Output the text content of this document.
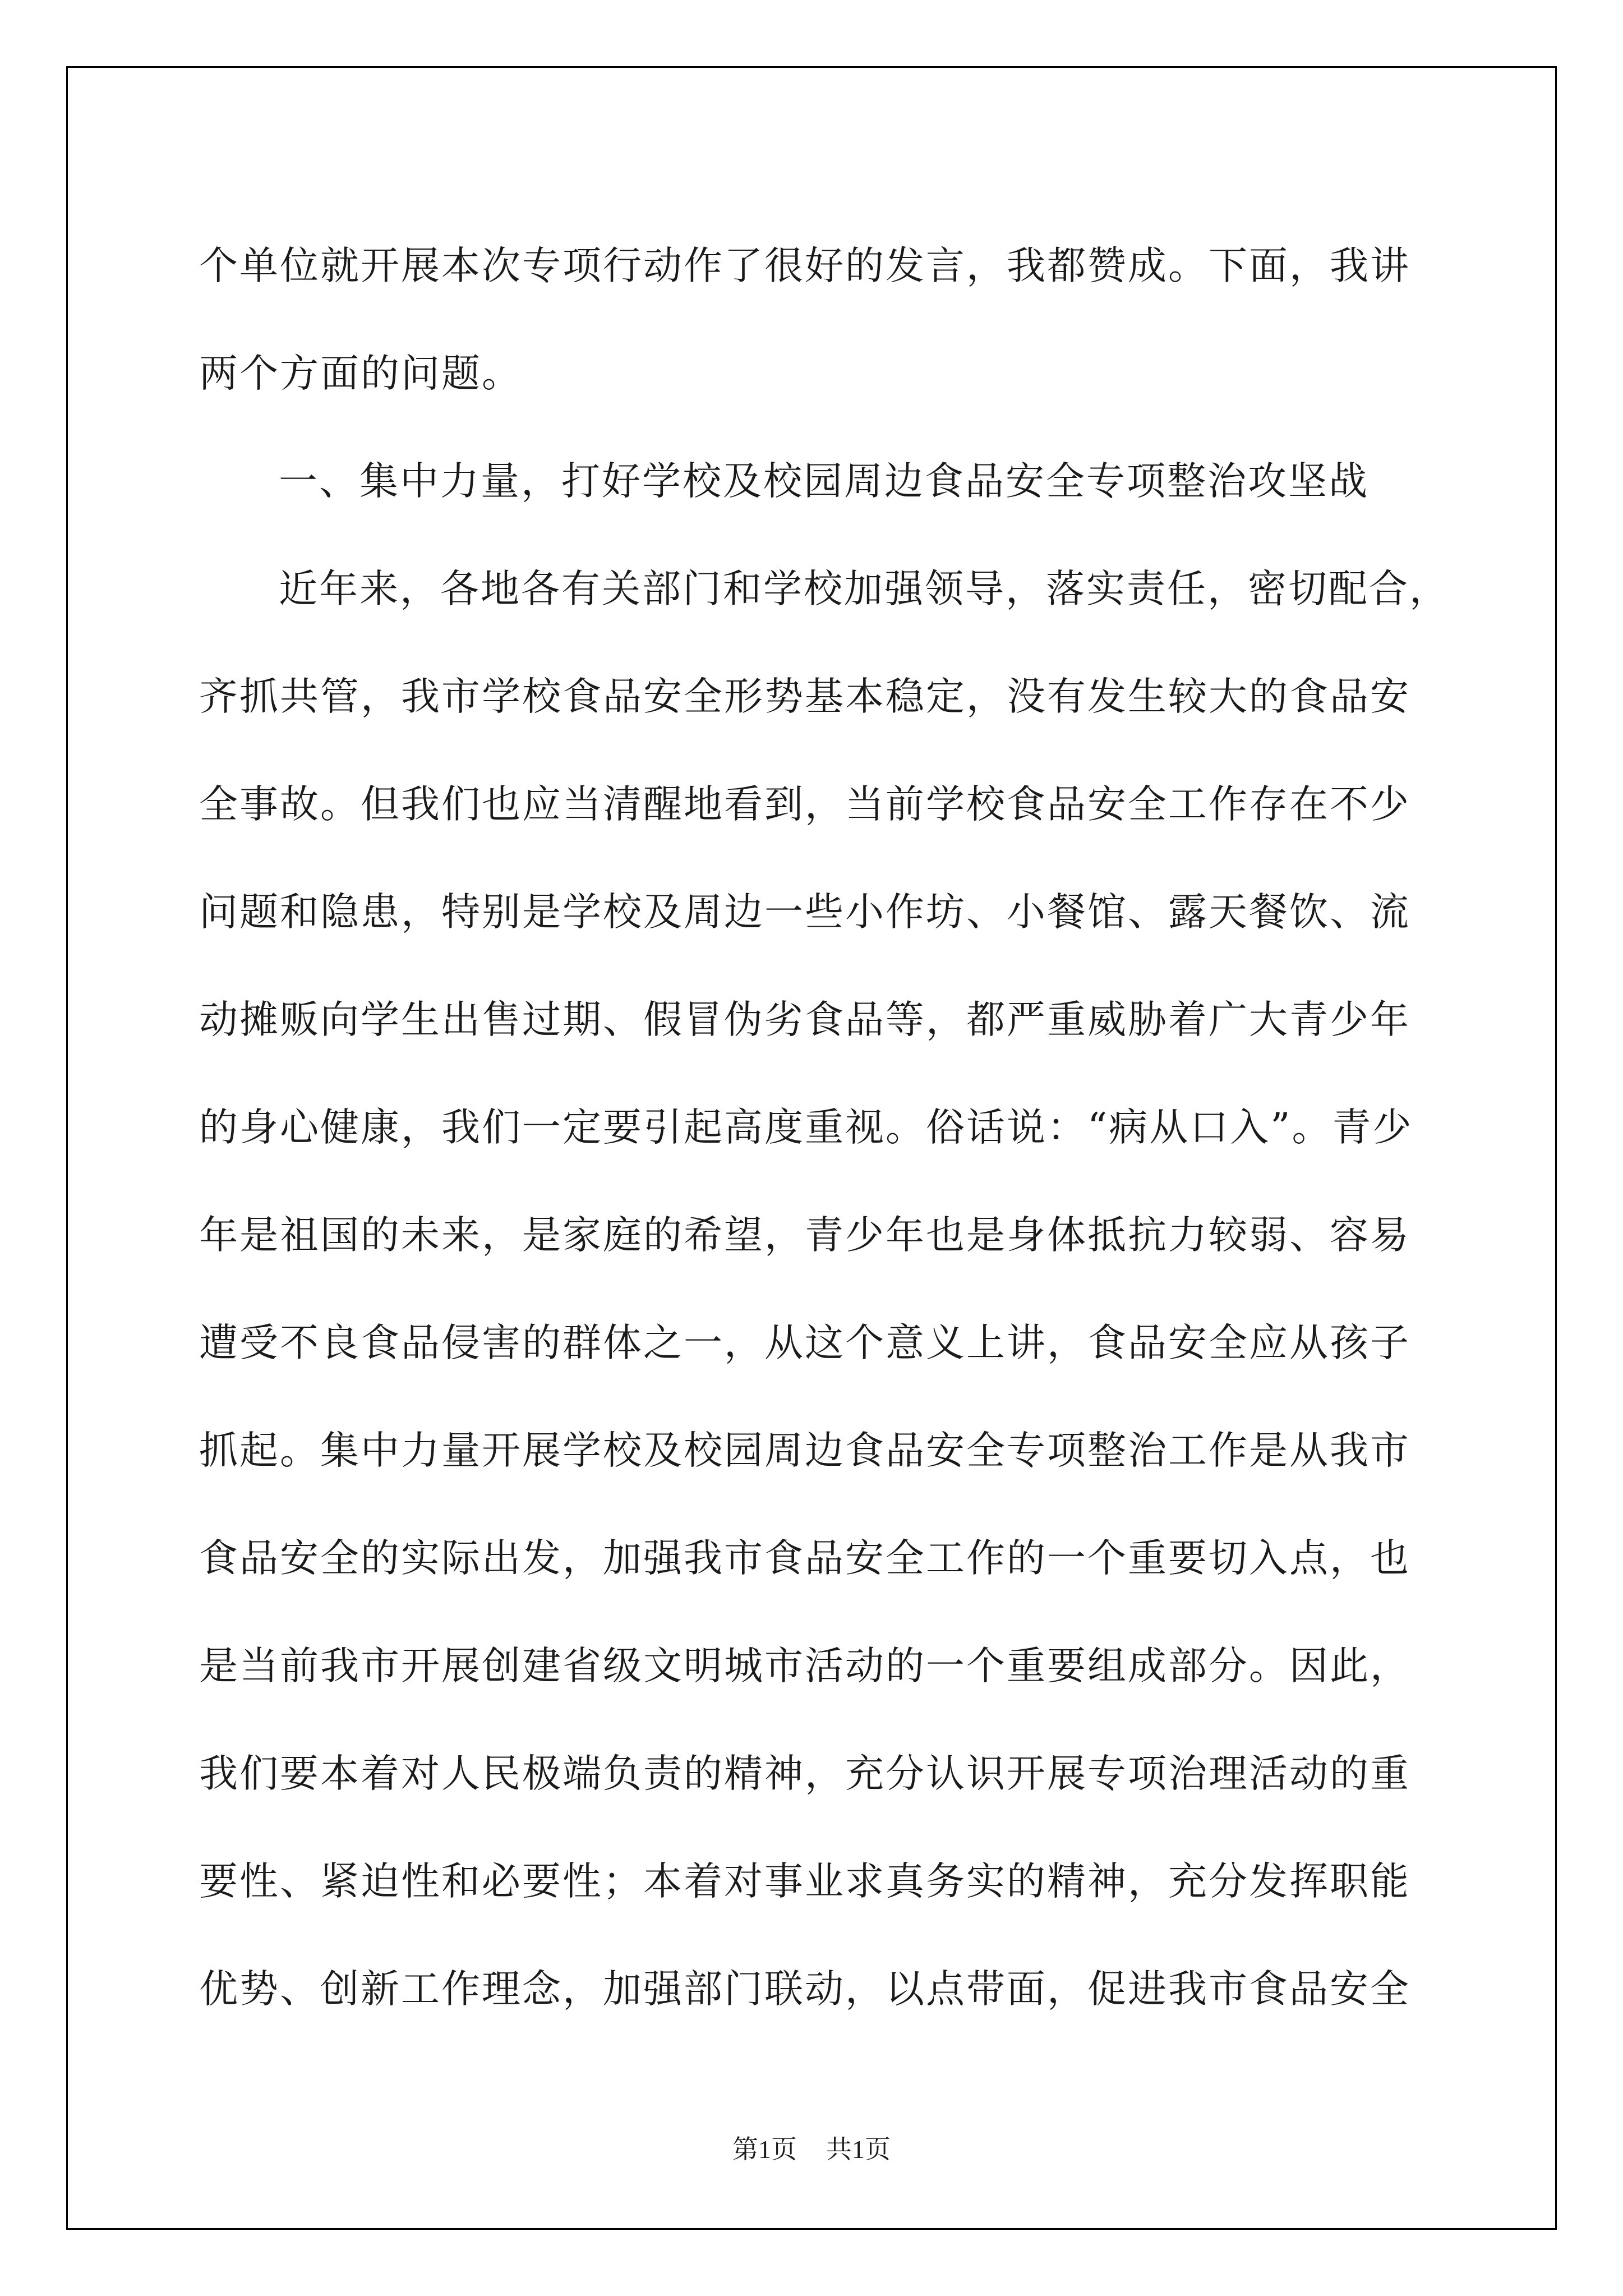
个单位就开展本次专项行动作了很好的发言，我都赞成。下面，我讲
两个方面的问题。
一、集中力量，打好学校及校园周边食品安全专项整治攻坚战
近年来，各地各有关部门和学校加强领导，落实责任，密切配合，
齐抓共管，我市学校食品安全形势基本稳定，没有发生较大的食品安
全事故。但我们也应当清醒地看到，当前学校食品安全工作存在不少
问题和隐患，特别是学校及周边一些小作坊、小餐馆、露天餐饮、流
动摊贩向学生出售过期、假冒伪劣食品等，都严重威胁着广大青少年
的身心健康，我们一定要引起高度重视。俗话说：“病从口入”。青少
年是祖国的未来，是家庭的希望，青少年也是身体抵抗力较弱、容易
遭受不良食品侵害的群体之一，从这个意义上讲，食品安全应从孩子
抓起。集中力量开展学校及校园周边食品安全专项整治工作是从我市
食品安全的实际出发，加强我市食品安全工作的一个重要切入点，也
是当前我市开展创建省级文明城市活动的一个重要组成部分。因此，
我们要本着对人民极端负责的精神，充分认识开展专项治理活动的重
要性、紧迫性和必要性；本着对事业求真务实的精神，充分发挥职能
优势、创新工作理念，加强部门联动，以点带面，促进我市食品安全
第1页 共1页
